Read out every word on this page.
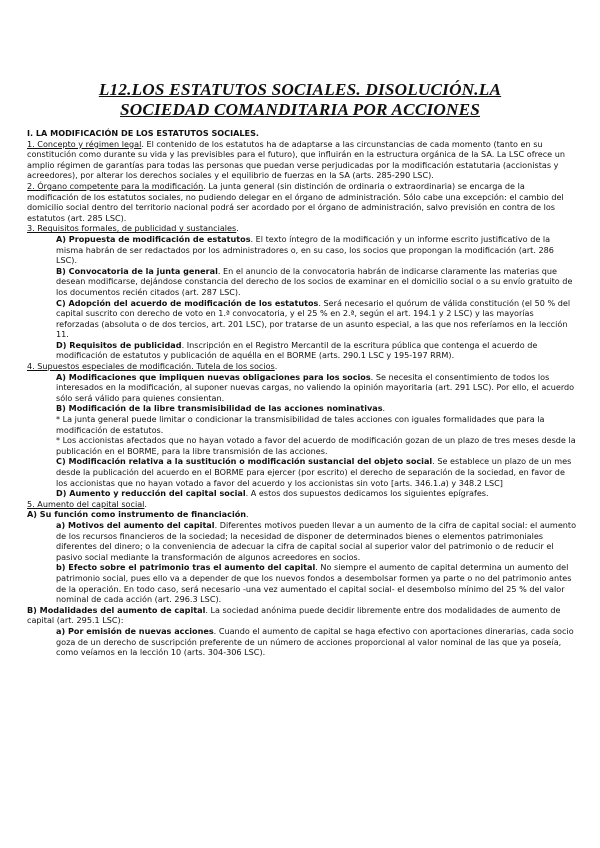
L12.LOS ESTATUTOS SOCIALES. DISOLUCIÓN.LA
SOCIEDAD COMANDITARIA POR ACCIONES

I. LA MODIFICACIÓN DE LOS ESTATUTOS SOCIALES.

1. Concepto y régimen legal. El contenido de los estatutos ha de adaptarse a las circunstancias de cada momento (tanto en su constitución como durante su vida y las previsibles para el futuro), que influirán en la estructura orgánica de la SA. La LSC ofrece un amplio régimen de garantías para todas las personas que puedan verse perjudicadas por la modificación estatutaria (accionistas y acreedores), por alterar los derechos sociales y el equilibrio de fuerzas en la SA (arts. 285-290 LSC).

2. Órgano competente para la modificación. La junta general (sin distinción de ordinaria o extraordinaria) se encarga de la modificación de los estatutos sociales, no pudiendo delegar en el órgano de administración. Sólo cabe una excepción: el cambio del domicilio social dentro del territorio nacional podrá ser acordado por el órgano de administración, salvo previsión en contra de los estatutos (art. 285 LSC).

3. Requisitos formales, de publicidad y sustanciales.

A) Propuesta de modificación de estatutos. El texto íntegro de la modificación y un informe escrito justificativo de la misma habrán de ser redactados por los administradores o, en su caso, los socios que propongan la modificación (art. 286 LSC).

B) Convocatoria de la junta general. En el anuncio de la convocatoria habrán de indicarse claramente las materias que desean modificarse, dejándose constancia del derecho de los socios de examinar en el domicilio social o a su envío gratuito de los documentos recién citados (art. 287 LSC).

C) Adopción del acuerdo de modificación de los estatutos. Será necesario el quórum de válida constitución (el 50 % del capital suscrito con derecho de voto en 1.ª convocatoria, y el 25 % en 2.ª, según el art. 194.1 y 2 LSC) y las mayorías reforzadas (absoluta o de dos tercios, art. 201 LSC), por tratarse de un asunto especial, a las que nos referíamos en la lección 11.

D) Requisitos de publicidad. Inscripción en el Registro Mercantil de la escritura pública que contenga el acuerdo de modificación de estatutos y publicación de aquélla en el BORME (arts. 290.1 LSC y 195-197 RRM).

4. Supuestos especiales de modificación. Tutela de los socios.

A) Modificaciones que impliquen nuevas obligaciones para los socios. Se necesita el consentimiento de todos los interesados en la modificación, al suponer nuevas cargas, no valiendo la opinión mayoritaria (art. 291 LSC). Por ello, el acuerdo sólo será válido para quienes consientan.

B) Modificación de la libre transmisibilidad de las acciones nominativas.

* La junta general puede limitar o condicionar la transmisibilidad de tales acciones con iguales formalidades que para la modificación de estatutos.

* Los accionistas afectados que no hayan votado a favor del acuerdo de modificación gozan de un plazo de tres meses desde la publicación en el BORME, para la libre transmisión de las acciones.

C) Modificación relativa a la sustitución o modificación sustancial del objeto social. Se establece un plazo de un mes desde la publicación del acuerdo en el BORME para ejercer (por escrito) el derecho de separación de la sociedad, en favor de los accionistas que no hayan votado a favor del acuerdo y los accionistas sin voto [arts. 346.1.a) y 348.2 LSC]

D) Aumento y reducción del capital social. A estos dos supuestos dedicamos los siguientes epígrafes.

5. Aumento del capital social.

A) Su función como instrumento de financiación.

a) Motivos del aumento del capital. Diferentes motivos pueden llevar a un aumento de la cifra de capital social: el aumento de los recursos financieros de la sociedad; la necesidad de disponer de determinados bienes o elementos patrimoniales diferentes del dinero; o la conveniencia de adecuar la cifra de capital social al superior valor del patrimonio o de reducir el pasivo social mediante la transformación de algunos acreedores en socios.

b) Efecto sobre el patrimonio tras el aumento del capital. No siempre el aumento de capital determina un aumento del patrimonio social, pues ello va a depender de que los nuevos fondos a desembolsar formen ya parte o no del patrimonio antes de la operación. En todo caso, será necesario -una vez aumentado el capital social- el desembolso mínimo del 25 % del valor nominal de cada acción (art. 296.3 LSC).

B) Modalidades del aumento de capital. La sociedad anónima puede decidir libremente entre dos modalidades de aumento de capital (art. 295.1 LSC):

a) Por emisión de nuevas acciones. Cuando el aumento de capital se haga efectivo con aportaciones dinerarias, cada socio goza de un derecho de suscripción preferente de un número de acciones proporcional al valor nominal de las que ya poseía, como veíamos en la lección 10 (arts. 304-306 LSC).
